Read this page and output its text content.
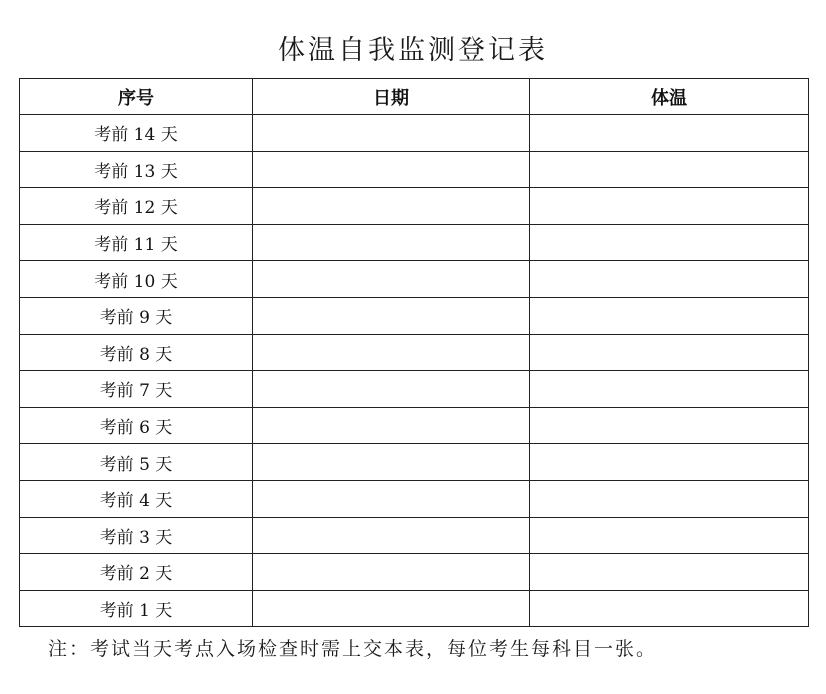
体温自我监测登记表
序号	日期	体温
考前 14 天		
考前 13 天		
考前 12 天		
考前 11 天		
考前 10 天		
考前 9 天		
考前 8 天		
考前 7 天		
考前 6 天		
考前 5 天		
考前 4 天		
考前 3 天		
考前 2 天		
考前 1 天		
注：考试当天考点入场检查时需上交本表，每位考生每科目一张。
